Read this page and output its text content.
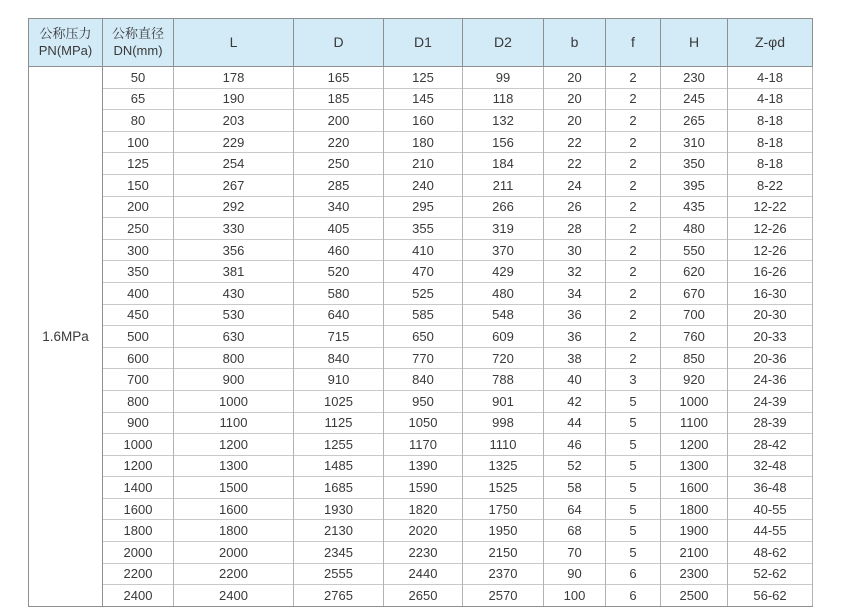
公称压力
PN(MPa)	公称直径
DN(mm)	L	D	D1	D2	b	f	H	Z-φd
1.6MPa	50	178	165	125	99	20	2	230	4-18
	65	190	185	145	118	20	2	245	4-18
	80	203	200	160	132	20	2	265	8-18
	100	229	220	180	156	22	2	310	8-18
	125	254	250	210	184	22	2	350	8-18
	150	267	285	240	211	24	2	395	8-22
	200	292	340	295	266	26	2	435	12-22
	250	330	405	355	319	28	2	480	12-26
	300	356	460	410	370	30	2	550	12-26
	350	381	520	470	429	32	2	620	16-26
	400	430	580	525	480	34	2	670	16-30
	450	530	640	585	548	36	2	700	20-30
	500	630	715	650	609	36	2	760	20-33
	600	800	840	770	720	38	2	850	20-36
	700	900	910	840	788	40	3	920	24-36
	800	1000	1025	950	901	42	5	1000	24-39
	900	1100	1125	1050	998	44	5	1100	28-39
	1000	1200	1255	1170	1110	46	5	1200	28-42
	1200	1300	1485	1390	1325	52	5	1300	32-48
	1400	1500	1685	1590	1525	58	5	1600	36-48
	1600	1600	1930	1820	1750	64	5	1800	40-55
	1800	1800	2130	2020	1950	68	5	1900	44-55
	2000	2000	2345	2230	2150	70	5	2100	48-62
	2200	2200	2555	2440	2370	90	6	2300	52-62
	2400	2400	2765	2650	2570	100	6	2500	56-62
